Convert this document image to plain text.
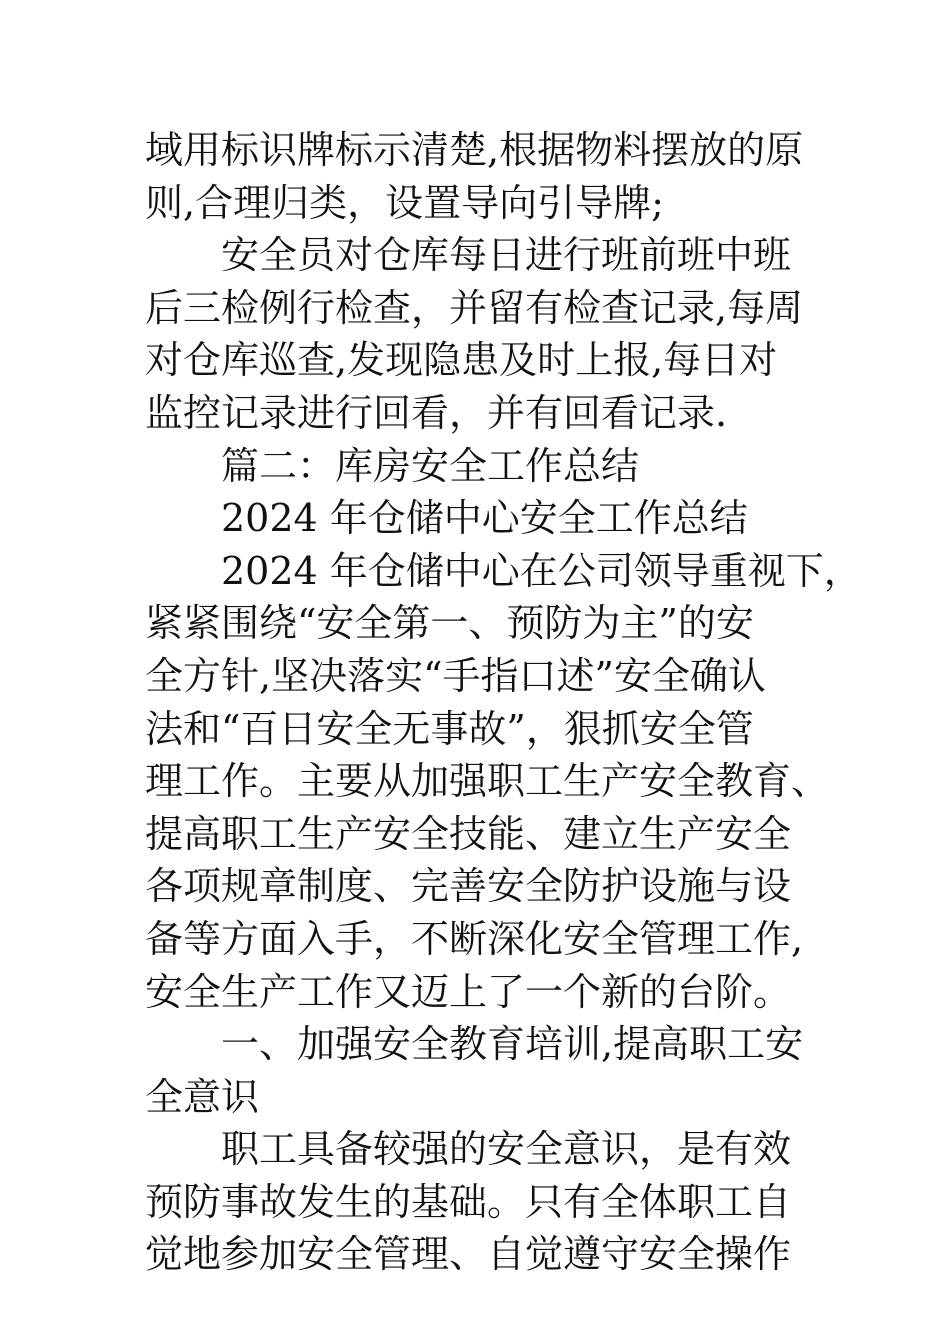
域用标识牌标示清楚,根据物料摆放的原
则,合理归类，设置导向引导牌;
安全员对仓库每日进行班前班中班
后三检例行检查，并留有检查记录,每周
对仓库巡查,发现隐患及时上报,每日对
监控记录进行回看，并有回看记录.
篇二：库房安全工作总结
2024 年仓储中心安全工作总结
2024 年仓储中心在公司领导重视下，
紧紧围绕“安全第一、预防为主”的安
全方针,坚决落实“手指口述”安全确认
法和“百日安全无事故”，狠抓安全管
理工作。主要从加强职工生产安全教育、
提高职工生产安全技能、建立生产安全
各项规章制度、完善安全防护设施与设
备等方面入手，不断深化安全管理工作,
安全生产工作又迈上了一个新的台阶。
一、加强安全教育培训,提高职工安
全意识
职工具备较强的安全意识，是有效
预防事故发生的基础。只有全体职工自
觉地参加安全管理、自觉遵守安全操作
